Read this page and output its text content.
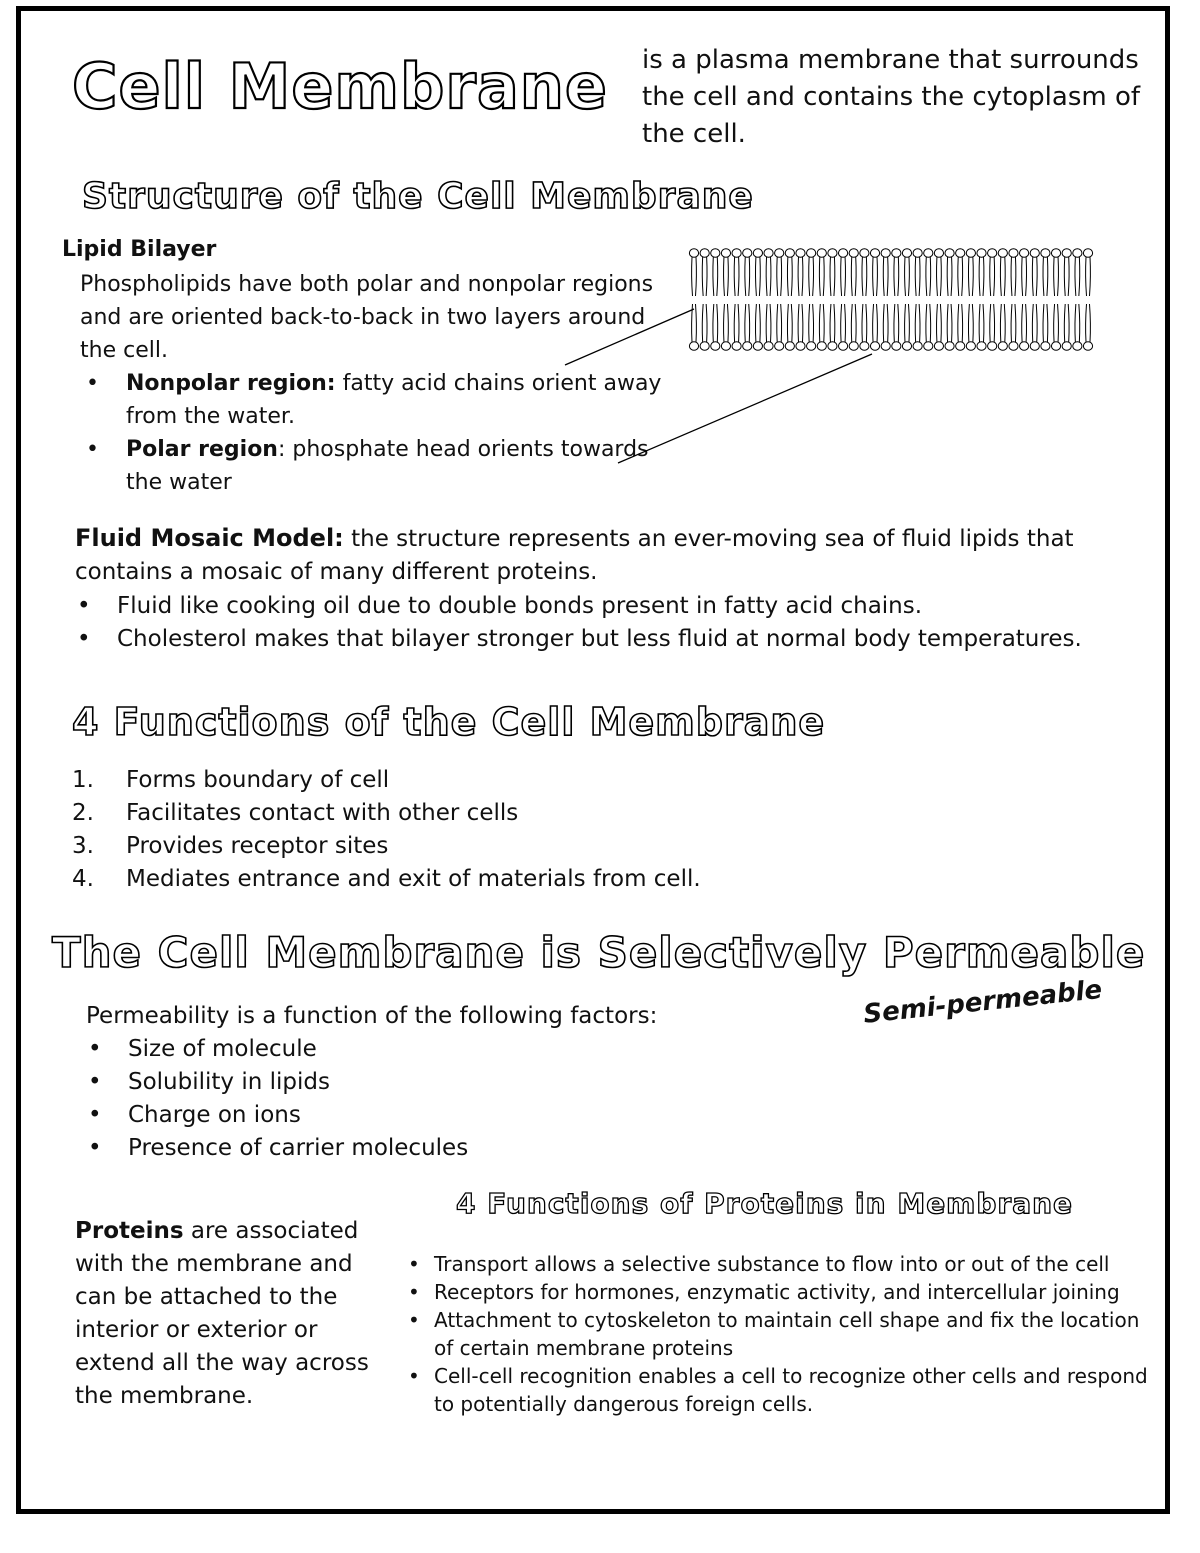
Cell Membrane is a plasma membrane that surrounds the cell and contains the cytoplasm of the cell.
Structure of the Cell Membrane
Lipid Bilayer
Phospholipids have both polar and nonpolar regions and are oriented back-to-back in two layers around the cell.
• Nonpolar region: fatty acid chains orient away from the water.
• Polar region: phosphate head orients towards the water
Fluid Mosaic Model: the structure represents an ever-moving sea of fluid lipids that contains a mosaic of many different proteins.
• Fluid like cooking oil due to double bonds present in fatty acid chains.
• Cholesterol makes that bilayer stronger but less fluid at normal body temperatures.
4 Functions of the Cell Membrane
1. Forms boundary of cell
2. Facilitates contact with other cells
3. Provides receptor sites
4. Mediates entrance and exit of materials from cell.
The Cell Membrane is Selectively Permeable
Permeability is a function of the following factors:	Semi-permeable
• Size of molecule
• Solubility in lipids
• Charge on ions
• Presence of carrier molecules
Proteins are associated with the membrane and can be attached to the interior or exterior or extend all the way across the membrane.
4 Functions of Proteins in Membrane
• Transport allows a selective substance to flow into or out of the cell
• Receptors for hormones, enzymatic activity, and intercellular joining
• Attachment to cytoskeleton to maintain cell shape and fix the location of certain membrane proteins
• Cell-cell recognition enables a cell to recognize other cells and respond to potentially dangerous foreign cells.
